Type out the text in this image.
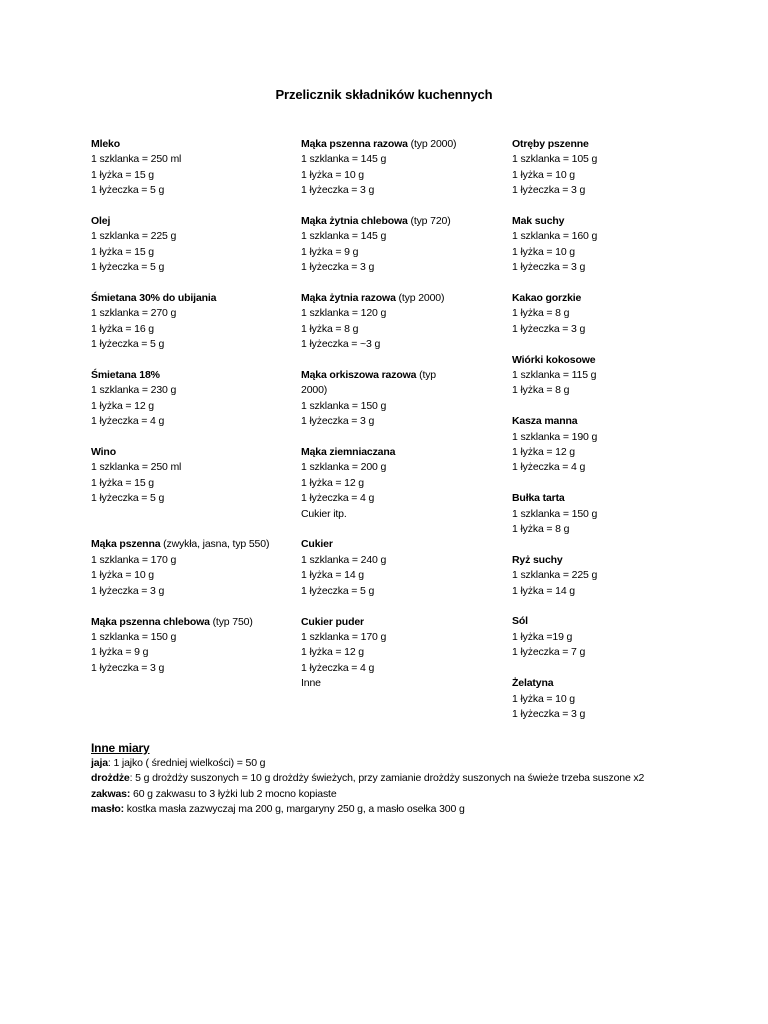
Przelicznik składników kuchennych
Mleko
1 szklanka = 250 ml
1 łyżka = 15 g
1 łyżeczka = 5 g
Olej
1 szklanka = 225 g
1 łyżka = 15 g
1 łyżeczka = 5 g
Śmietana 30% do ubijania
1 szklanka = 270 g
1 łyżka = 16 g
1 łyżeczka = 5 g
Śmietana 18%
1 szklanka = 230 g
1 łyżka = 12 g
1 łyżeczka = 4 g
Wino
1 szklanka = 250 ml
1 łyżka = 15 g
1 łyżeczka = 5 g
Mąka pszenna (zwykła, jasna, typ 550)
1 szklanka = 170 g
1 łyżka = 10 g
1 łyżeczka = 3 g
Mąka pszenna chlebowa (typ 750)
1 szklanka = 150 g
1 łyżka = 9 g
1 łyżeczka = 3 g
Mąka pszenna razowa (typ 2000)
1 szklanka = 145 g
1 łyżka = 10 g
1 łyżeczka = 3 g
Mąka żytnia chlebowa (typ 720)
1 szklanka = 145 g
1 łyżka = 9 g
1 łyżeczka = 3 g
Mąka żytnia razowa (typ 2000)
1 szklanka = 120 g
1 łyżka = 8 g
1 łyżeczka = ~3 g
Mąka orkiszowa razowa (typ 2000)
1 szklanka = 150 g
1 łyżeczka = 3 g
Mąka ziemniaczana
1 szklanka = 200 g
1 łyżka = 12 g
1 łyżeczka = 4 g
Cukier itp.
Cukier
1 szklanka = 240 g
1 łyżka = 14 g
1 łyżeczka = 5 g
Cukier puder
1 szklanka = 170 g
1 łyżka = 12 g
1 łyżeczka = 4 g
Inne
Otręby pszenne
1 szklanka = 105 g
1 łyżka = 10 g
1 łyżeczka = 3 g
Mak suchy
1 szklanka = 160 g
1 łyżka = 10 g
1 łyżeczka = 3 g
Kakao gorzkie
1 łyżka = 8 g
1 łyżeczka = 3 g
Wiórki kokosowe
1 szklanka = 115 g
1 łyżka = 8 g
Kasza manna
1 szklanka = 190 g
1 łyżka = 12 g
1 łyżeczka = 4 g
Bułka tarta
1 szklanka = 150 g
1 łyżka = 8 g
Ryż suchy
1 szklanka = 225 g
1 łyżka = 14 g
Sól
1 łyżka =19 g
1 łyżeczka = 7 g
Żelatyna
1 łyżka = 10 g
1 łyżeczka = 3 g
Inne miary
jaja: 1 jajko ( średniej wielkości) = 50 g
drożdże: 5 g drożdży suszonych = 10 g drożdży świeżych, przy zamianie drożdży suszonych na świeże trzeba suszone x2
zakwas: 60 g zakwasu to 3 łyżki lub 2 mocno kopiaste
masło: kostka masła zazwyczaj ma 200 g, margaryny 250 g, a masło osełka 300 g
